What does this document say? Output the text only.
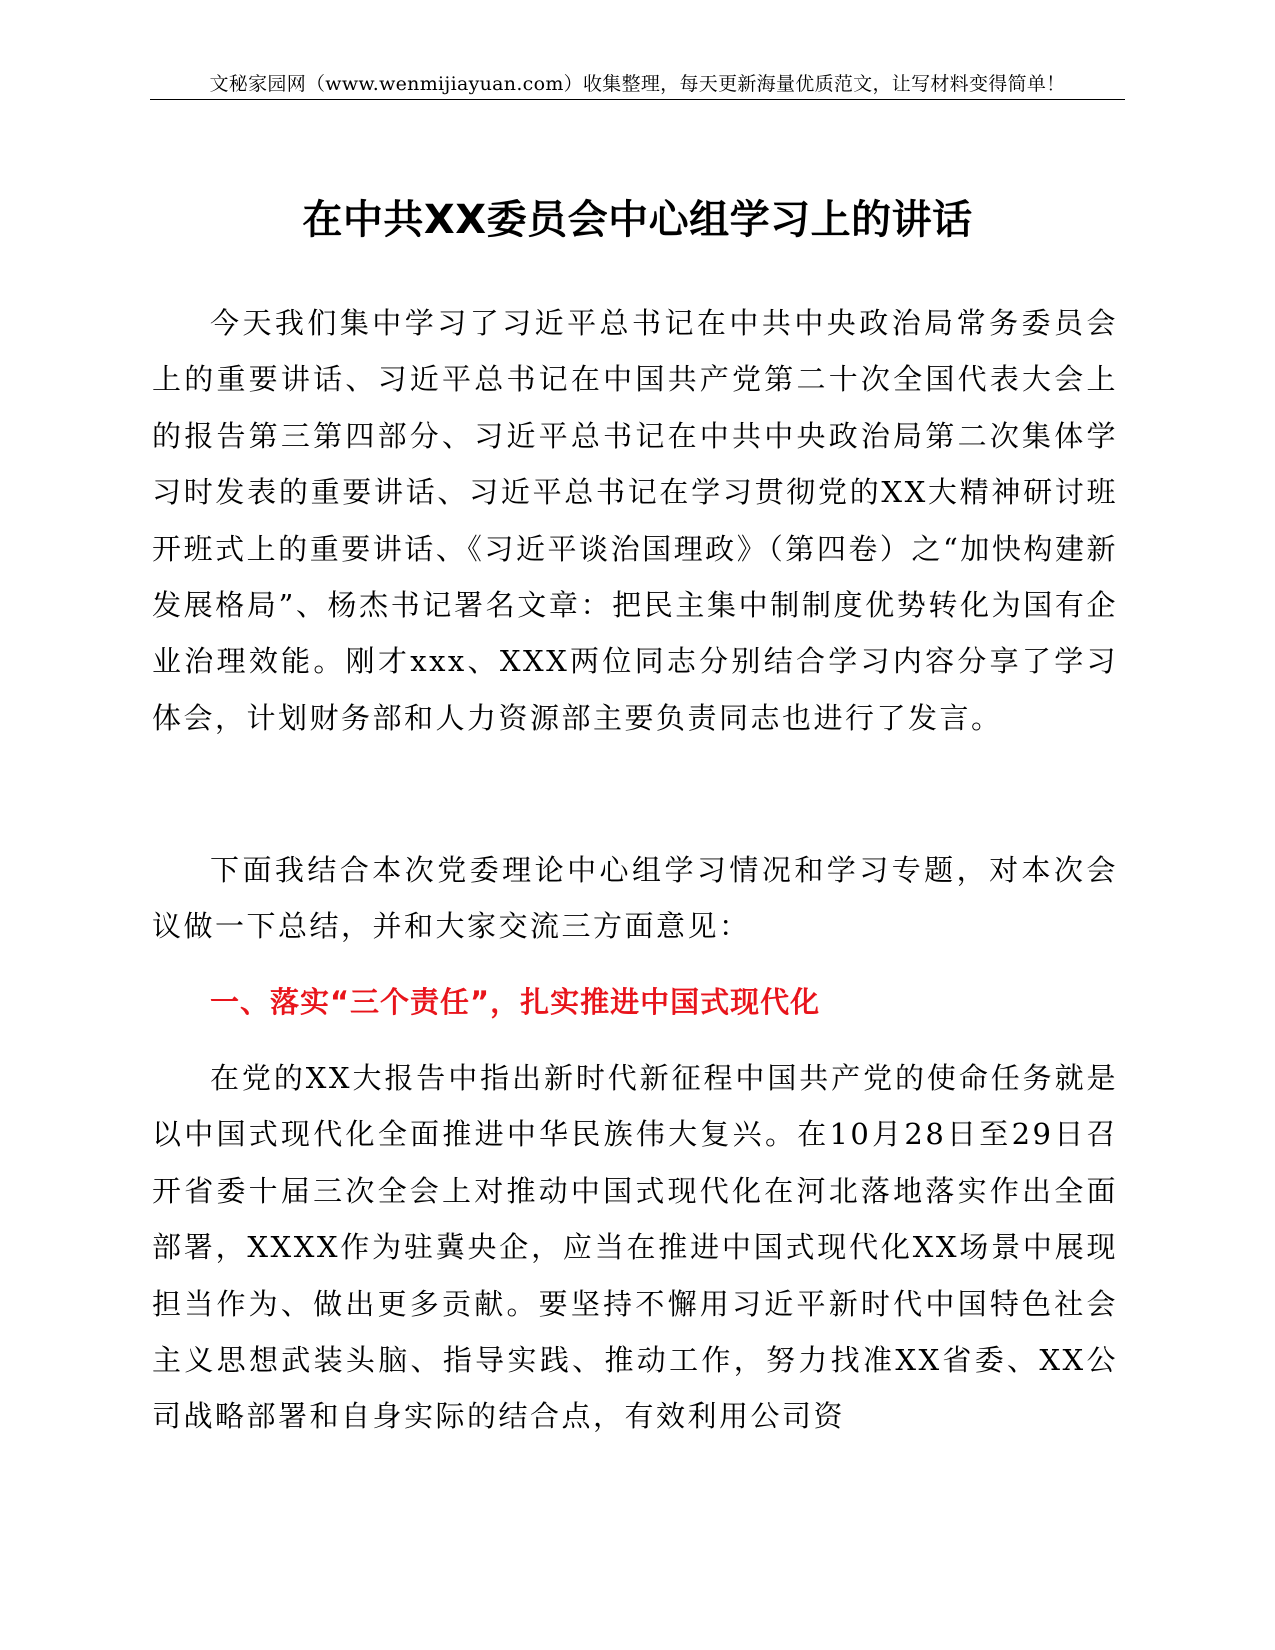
文秘家园网（www.wenmijiayuan.com）收集整理，每天更新海量优质范文，让写材料变得简单！
在中共XX委员会中心组学习上的讲话

今天我们集中学习了习近平总书记在中共中央政治局常务委员会上的重要讲话、习近平总书记在中国共产党第二十次全国代表大会上的报告第三第四部分、习近平总书记在中共中央政治局第二次集体学习时发表的重要讲话、习近平总书记在学习贯彻党的XX大精神研讨班开班式上的重要讲话、《习近平谈治国理政》（第四卷）之“加快构建新发展格局”、杨杰书记署名文章：把民主集中制制度优势转化为国有企业治理效能。刚才xxx、XXX两位同志分别结合学习内容分享了学习体会，计划财务部和人力资源部主要负责同志也进行了发言。

下面我结合本次党委理论中心组学习情况和学习专题，对本次会议做一下总结，并和大家交流三方面意见：

一、落实“三个责任”，扎实推进中国式现代化

在党的XX大报告中指出新时代新征程中国共产党的使命任务就是以中国式现代化全面推进中华民族伟大复兴。在10月28日至29日召开省委十届三次全会上对推动中国式现代化在河北落地落实作出全面部署，XXXX作为驻冀央企，应当在推进中国式现代化XX场景中展现担当作为、做出更多贡献。要坚持不懈用习近平新时代中国特色社会主义思想武装头脑、指导实践、推动工作，努力找准XX省委、XX公司战略部署和自身实际的结合点，有效利用公司资
